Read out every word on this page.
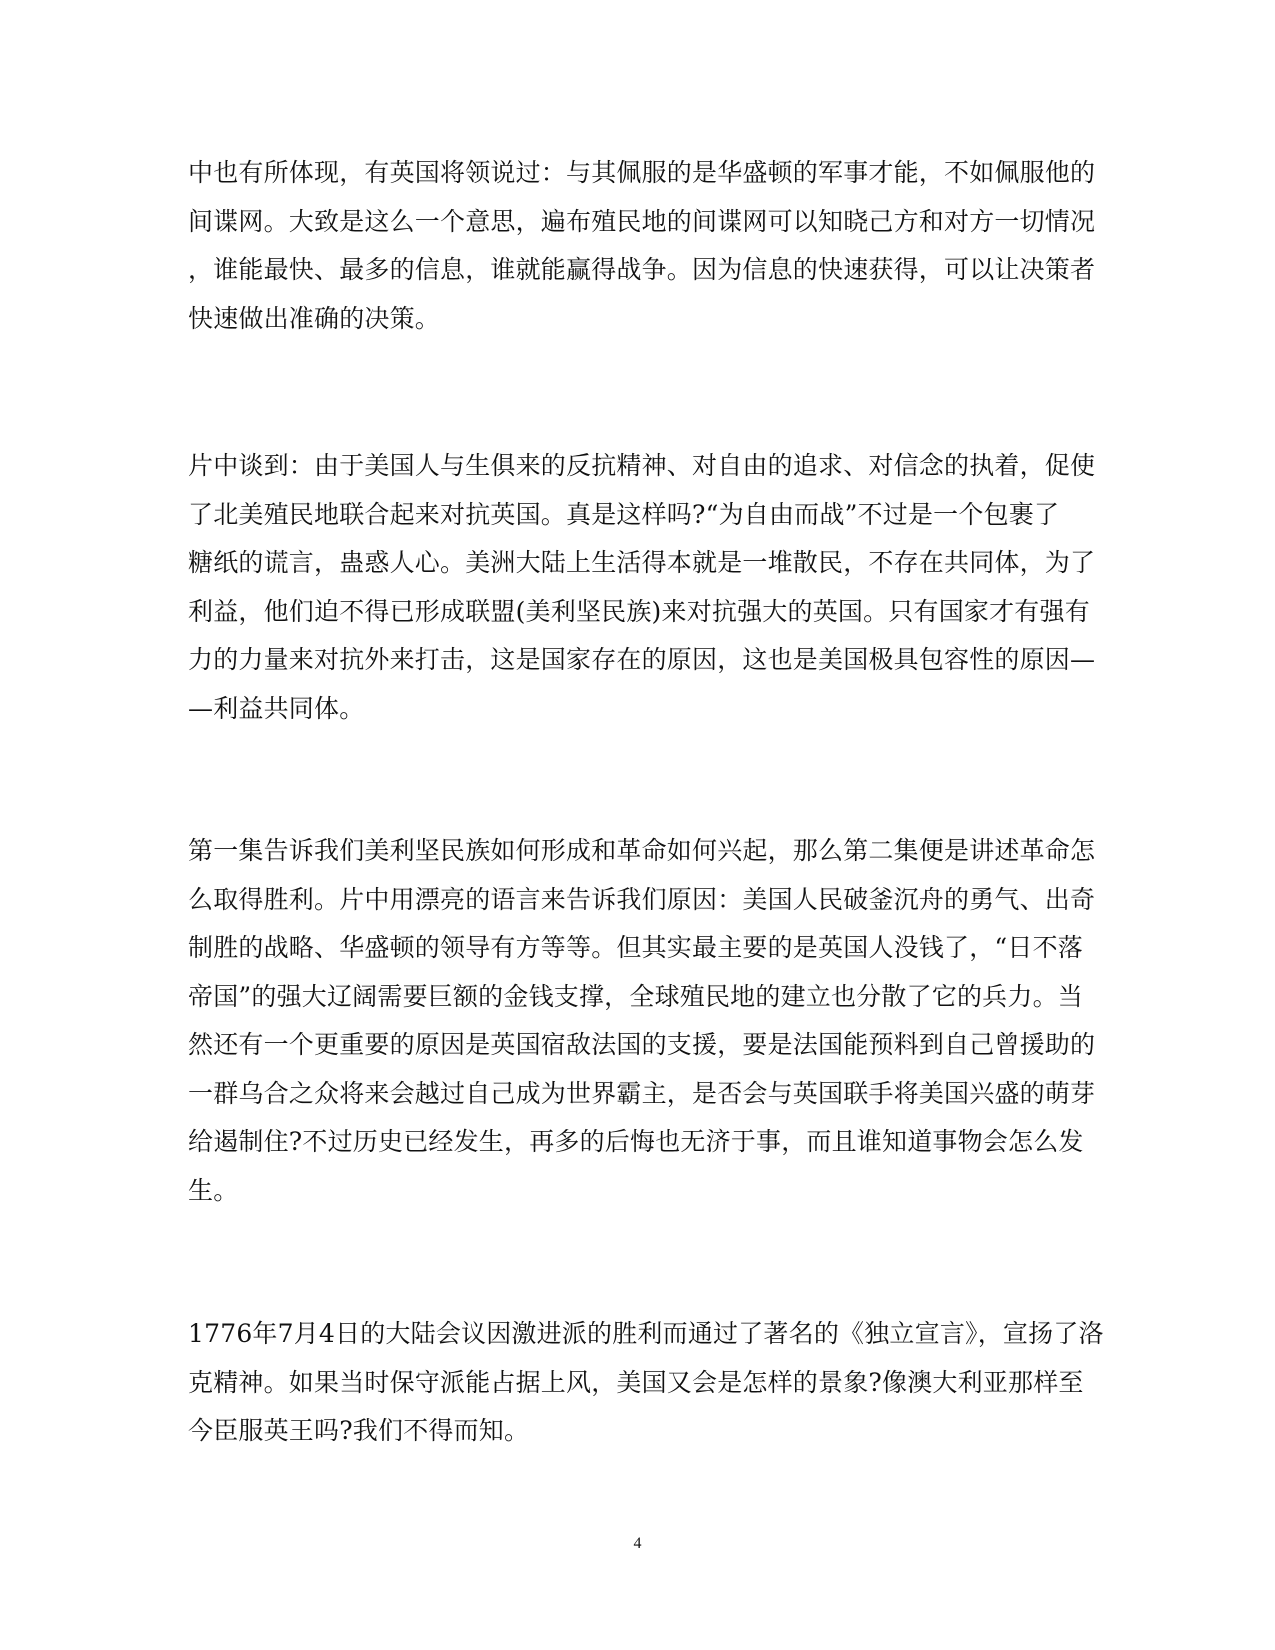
中也有所体现，有英国将领说过：与其佩服的是华盛顿的军事才能，不如佩服他的
间谍网。大致是这么一个意思，遍布殖民地的间谍网可以知晓己方和对方一切情况
，谁能最快、最多的信息，谁就能赢得战争。因为信息的快速获得，可以让决策者
快速做出准确的决策。

片中谈到：由于美国人与生俱来的反抗精神、对自由的追求、对信念的执着，促使
了北美殖民地联合起来对抗英国。真是这样吗?“为自由而战”不过是一个包裹了
糖纸的谎言，蛊惑人心。美洲大陆上生活得本就是一堆散民，不存在共同体，为了
利益，他们迫不得已形成联盟(美利坚民族)来对抗强大的英国。只有国家才有强有
力的力量来对抗外来打击，这是国家存在的原因，这也是美国极具包容性的原因—
—利益共同体。

第一集告诉我们美利坚民族如何形成和革命如何兴起，那么第二集便是讲述革命怎
么取得胜利。片中用漂亮的语言来告诉我们原因：美国人民破釜沉舟的勇气、出奇
制胜的战略、华盛顿的领导有方等等。但其实最主要的是英国人没钱了，“日不落
帝国”的强大辽阔需要巨额的金钱支撑，全球殖民地的建立也分散了它的兵力。当
然还有一个更重要的原因是英国宿敌法国的支援，要是法国能预料到自己曾援助的
一群乌合之众将来会越过自己成为世界霸主，是否会与英国联手将美国兴盛的萌芽
给遏制住?不过历史已经发生，再多的后悔也无济于事，而且谁知道事物会怎么发
生。

1776年7月4日的大陆会议因激进派的胜利而通过了著名的《独立宣言》，宣扬了洛
克精神。如果当时保守派能占据上风，美国又会是怎样的景象?像澳大利亚那样至
今臣服英王吗?我们不得而知。

4
